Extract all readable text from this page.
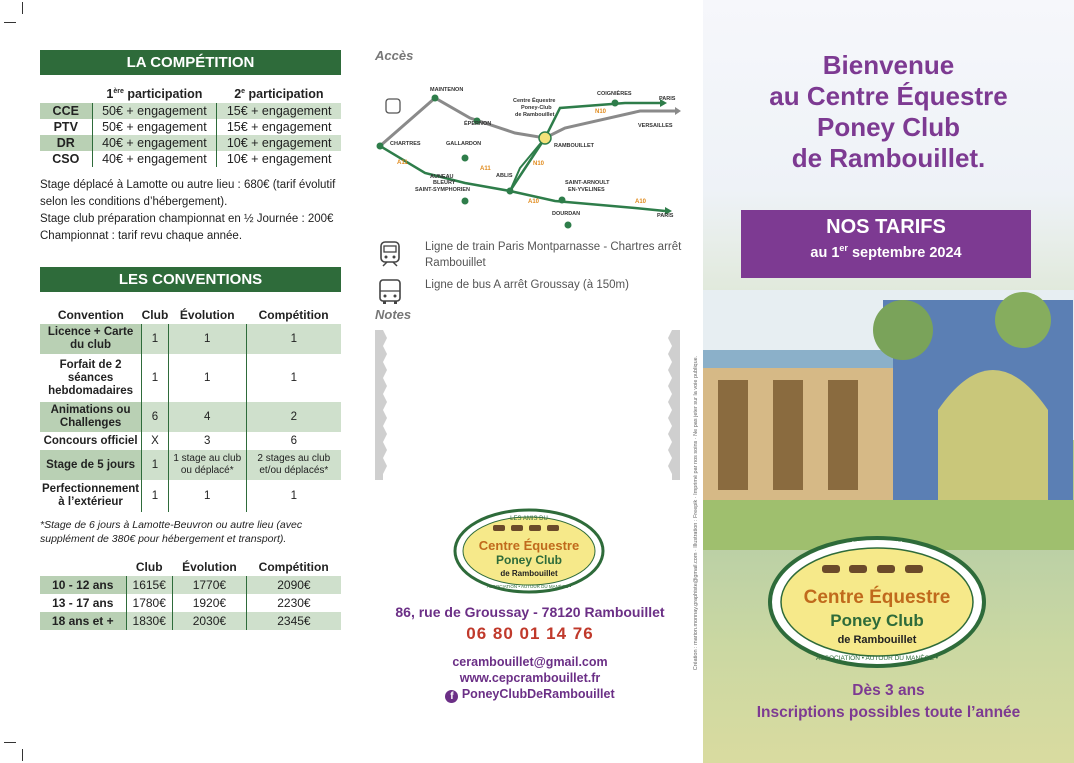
LA COMPÉTITION
	1ère participation	2e participation
CCE	50€ + engagement	15€ + engagement
PTV	50€ + engagement	15€ + engagement
DR	40€ + engagement	10€ + engagement
CSO	40€ + engagement	10€ + engagement
Stage déplacé à Lamotte ou autre lieu : 680€ (tarif évolutif selon les conditions d’hébergement).
Stage club préparation championnat en ½ Journée : 200€
Championnat : tarif revu chaque année.
LES CONVENTIONS
Convention	Club	Évolution	Compétition
Licence + Carte du club	1	1	1
Forfait de 2 séances hebdomadaires	1	1	1
Animations ou Challenges	6	4	2
Concours officiel	X	3	6
Stage de 5 jours	1	1 stage au club ou déplacé*	2 stages au club et/ou déplacés*
Perfectionnement à l’extérieur	1	1	1
*Stage de 6 jours à Lamotte-Beuvron ou autre lieu (avec supplément de 380€ pour hébergement et transport).
	Club	Évolution	Compétition
10 - 12 ans	1615€	1770€	2090€
13 - 17 ans	1780€	1920€	2230€
18 ans et +	1830€	2030€	2345€
Accès
MAINTENON
ÉPERNON
CHARTRES	GALLARDON
AUNEAU
BLEURY
SAINT-SYMPHORIEN
ABLIS
DOURDAN
SAINT-ARNOULT
EN-YVELINES
RAMBOUILLET
COIGNIÈRES
PARIS
VERSAILLES
PARIS
Centre Équestre
Poney-Club
de Rambouillet
A11
A11
A10	A10
N10
N10
Ligne de train Paris Montparnasse - Chartres arrêt Rambouillet
Ligne de bus A arrêt Groussay (à 150m)
Notes
LES AMIS DU
Centre Équestre
Poney Club
de Rambouillet
ASSOCIATION • AUTOUR DU MANÈGE •
86, rue de Groussay - 78120 Rambouillet
06 80 01 14 76
cerambouillet@gmail.com
www.cepcrambouillet.fr
f PoneyClubDeRambouillet
Création : marion.monnay.graphiste@gmail.com · Illustration : Freepik · Imprimé par nos soins · Ne pas jeter sur la voie publique.
Bienvenue
au Centre Équestre
Poney Club
de Rambouillet.
NOS TARIFS
au 1er septembre 2024
LES AMIS DU
Centre Équestre
Poney Club
de Rambouillet
ASSOCIATION • AUTOUR DU MANÈGE •
Dès 3 ans
Inscriptions possibles toute l’année
